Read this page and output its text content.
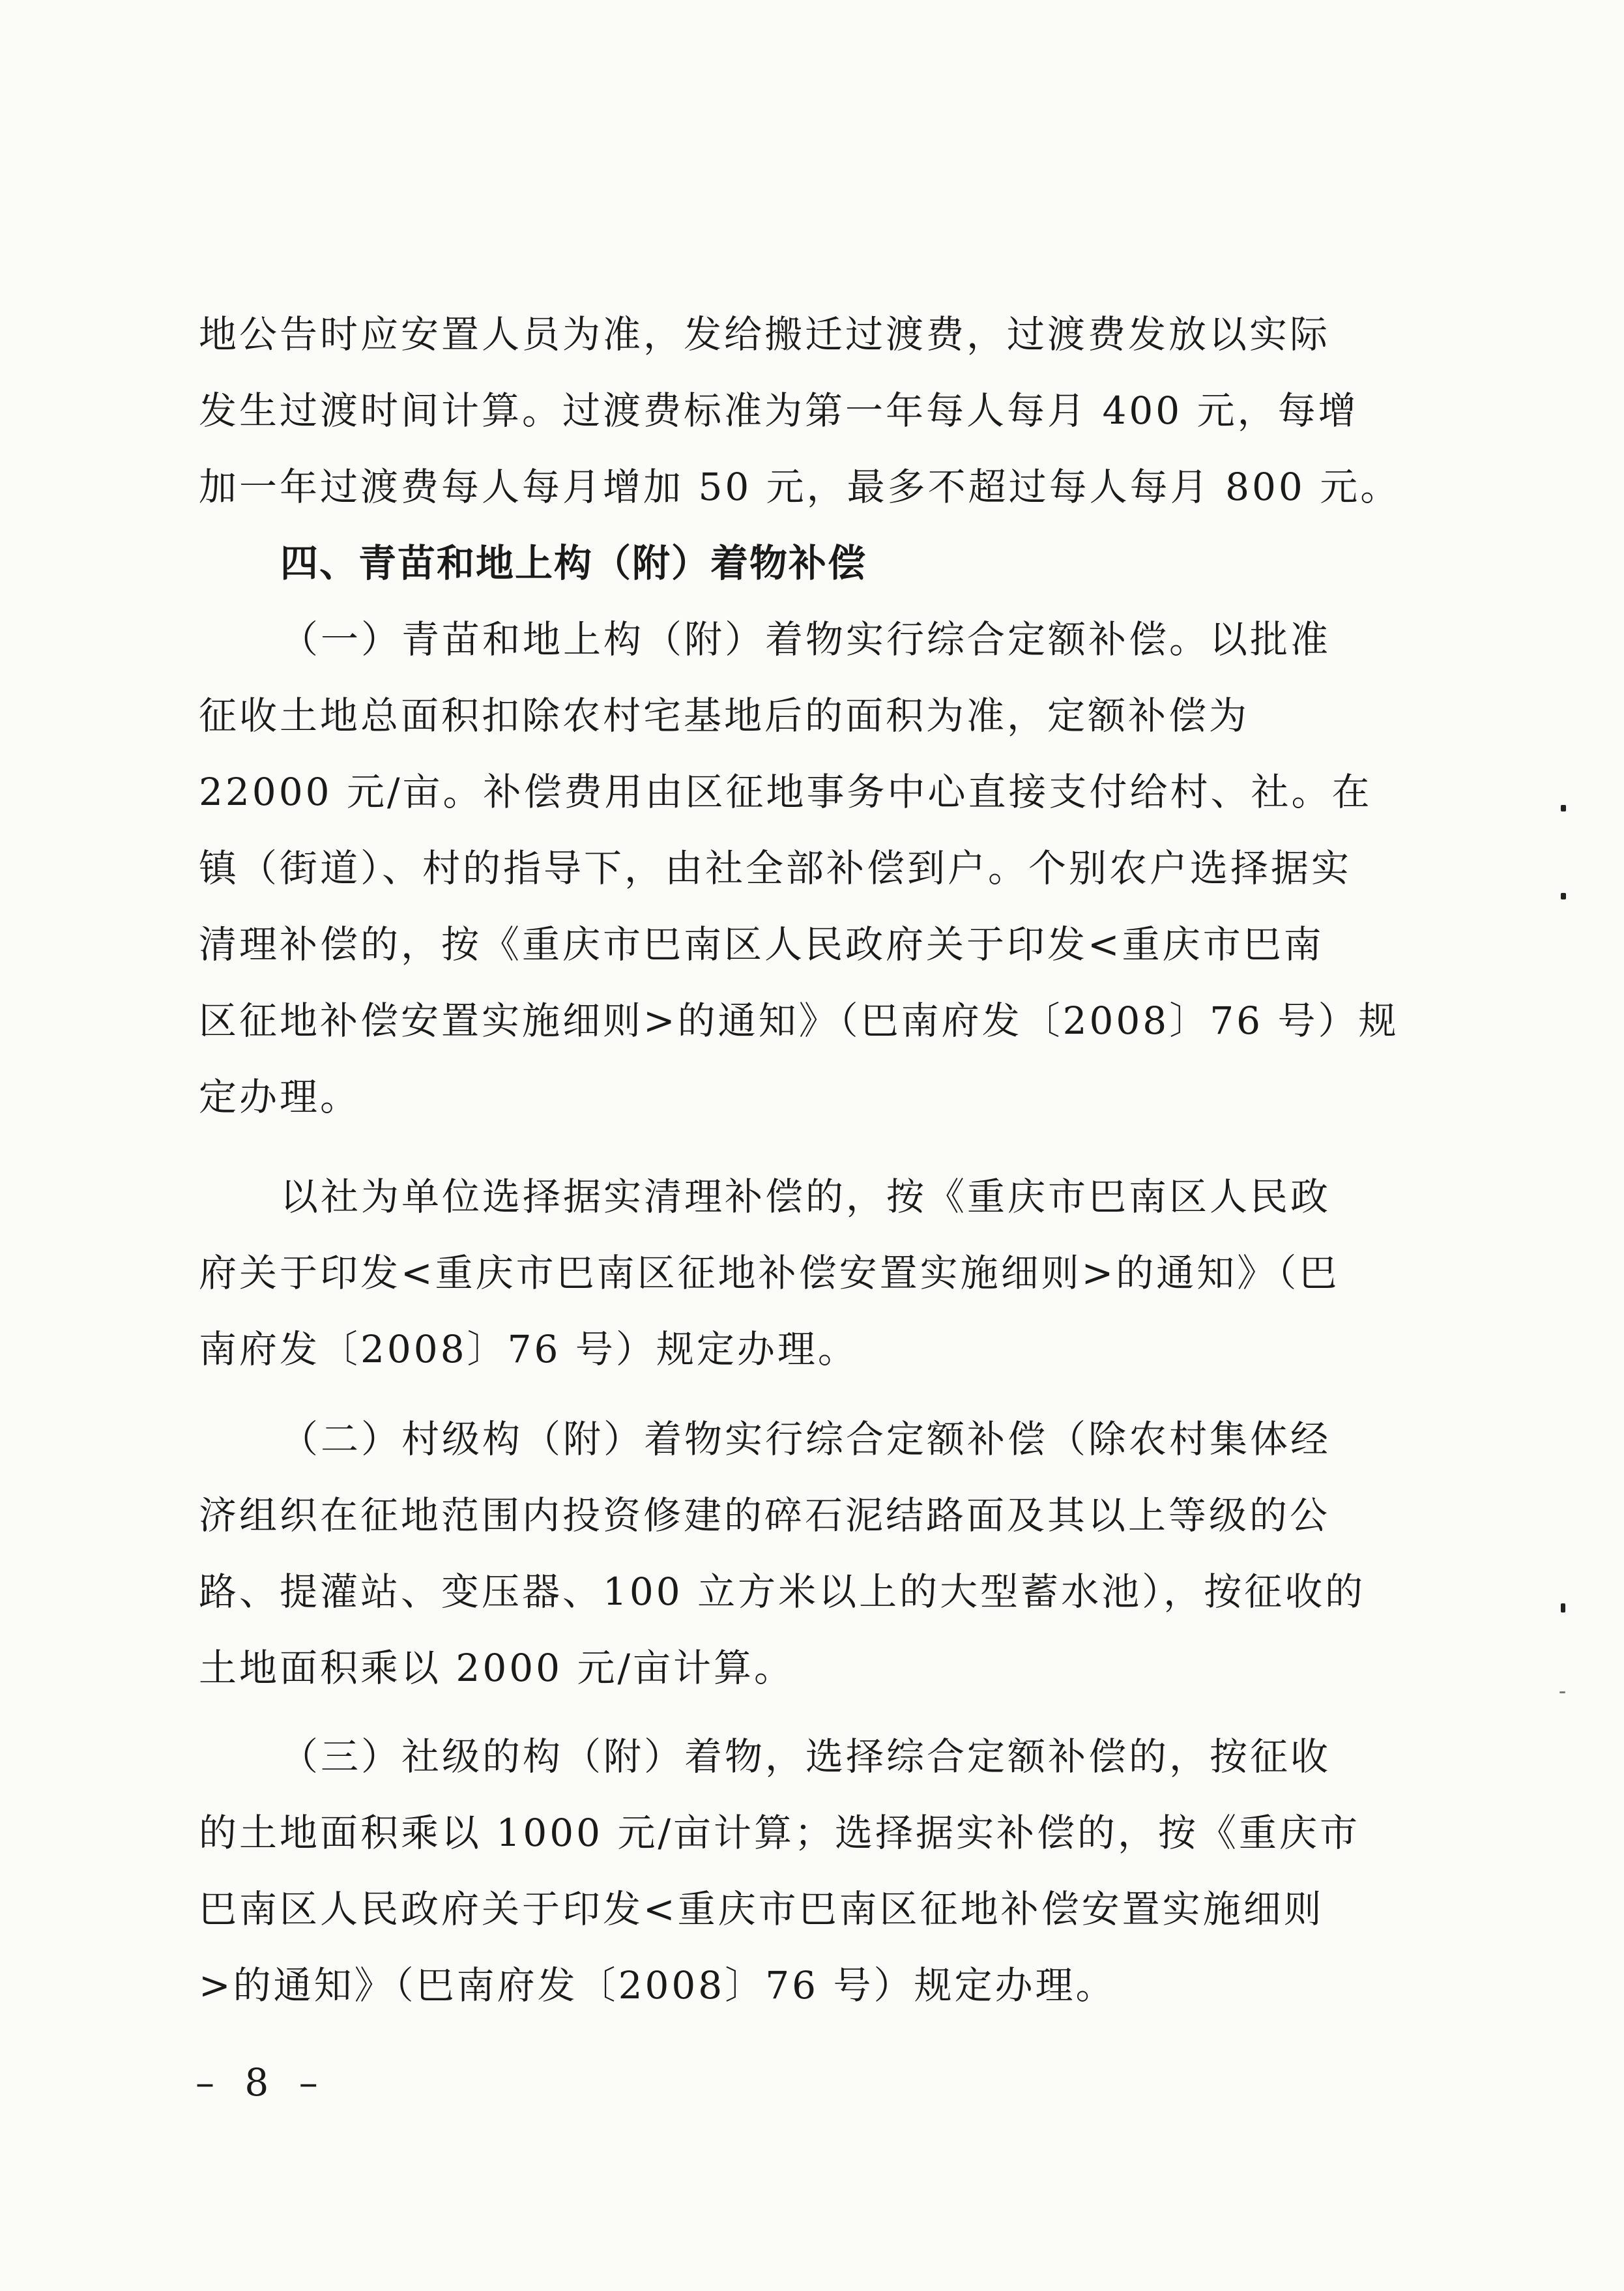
地公告时应安置人员为准，发给搬迁过渡费，过渡费发放以实际
发生过渡时间计算。过渡费标准为第一年每人每月 400 元，每增
加一年过渡费每人每月增加 50 元，最多不超过每人每月 800 元。
四、青苗和地上构（附）着物补偿
（一）青苗和地上构（附）着物实行综合定额补偿。以批准
征收土地总面积扣除农村宅基地后的面积为准，定额补偿为
22000 元/亩。补偿费用由区征地事务中心直接支付给村、社。在
镇（街道）、村的指导下，由社全部补偿到户。个别农户选择据实
清理补偿的，按《重庆市巴南区人民政府关于印发<重庆市巴南
区征地补偿安置实施细则>的通知》（巴南府发〔2008〕76 号）规
定办理。
以社为单位选择据实清理补偿的，按《重庆市巴南区人民政
府关于印发<重庆市巴南区征地补偿安置实施细则>的通知》（巴
南府发〔2008〕76 号）规定办理。
（二）村级构（附）着物实行综合定额补偿（除农村集体经
济组织在征地范围内投资修建的碎石泥结路面及其以上等级的公
路、提灌站、变压器、100 立方米以上的大型蓄水池），按征收的
土地面积乘以 2000 元/亩计算。
（三）社级的构（附）着物，选择综合定额补偿的，按征收
的土地面积乘以 1000 元/亩计算；选择据实补偿的，按《重庆市
巴南区人民政府关于印发<重庆市巴南区征地补偿安置实施细则
>的通知》（巴南府发〔2008〕76 号）规定办理。
– 8 –
